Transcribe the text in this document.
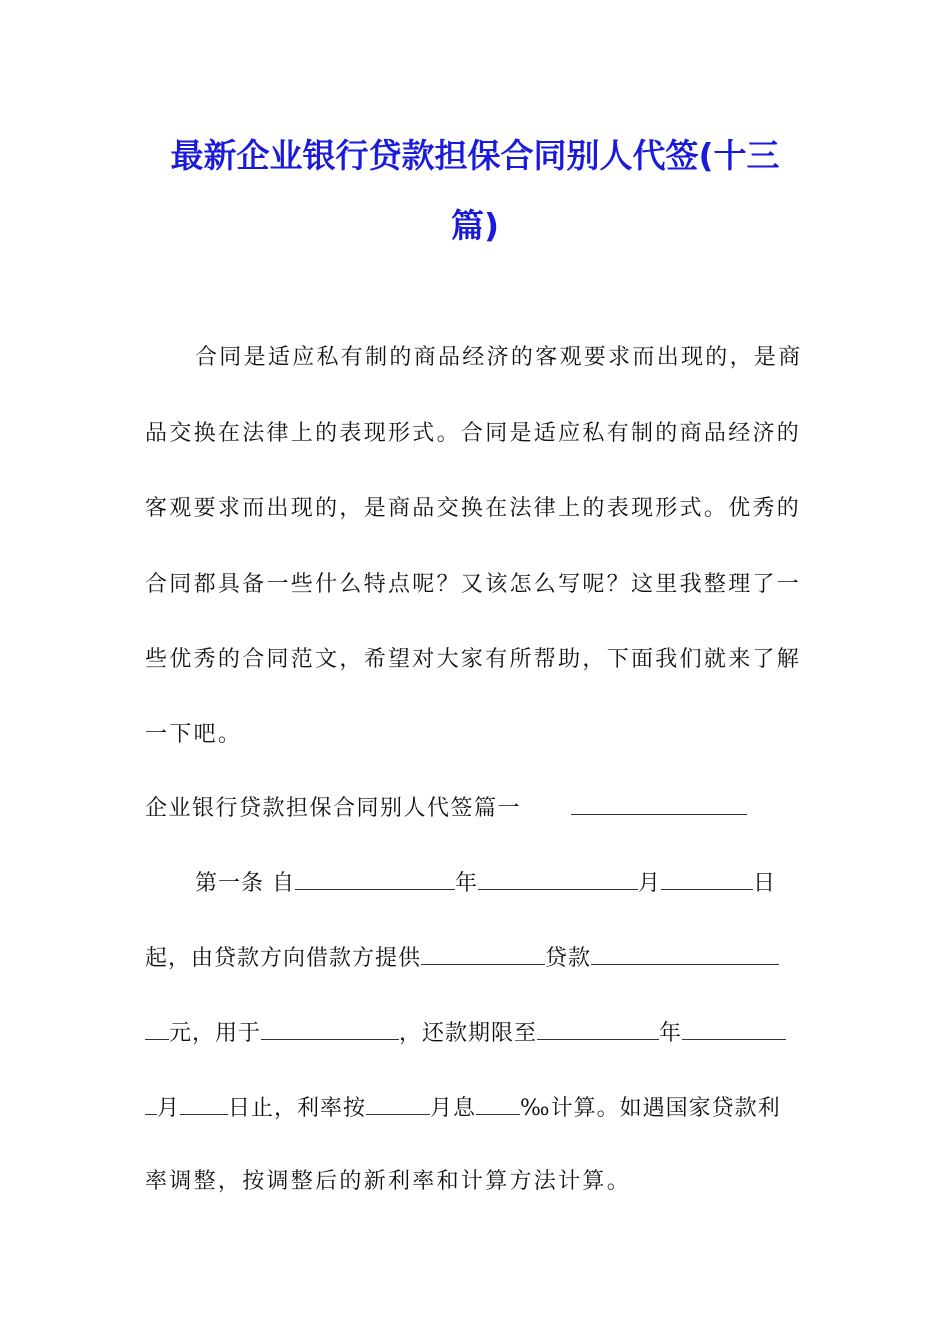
最新企业银行贷款担保合同别人代签(十三
篇)
合同是适应私有制的商品经济的客观要求而出现的，是商
品交换在法律上的表现形式。合同是适应私有制的商品经济的
客观要求而出现的，是商品交换在法律上的表现形式。优秀的
合同都具备一些什么特点呢？又该怎么写呢？这里我整理了一
些优秀的合同范文，希望对大家有所帮助，下面我们就来了解
一下吧。
企业银行贷款担保合同别人代签篇一
第一条 自	年	月	日
起，由贷款方向借款方提供	贷款
元，用于	，还款期限至	年
月 日止，利率按	月息 ‰计算。如遇国家贷款利
率调整，按调整后的新利率和计算方法计算。
